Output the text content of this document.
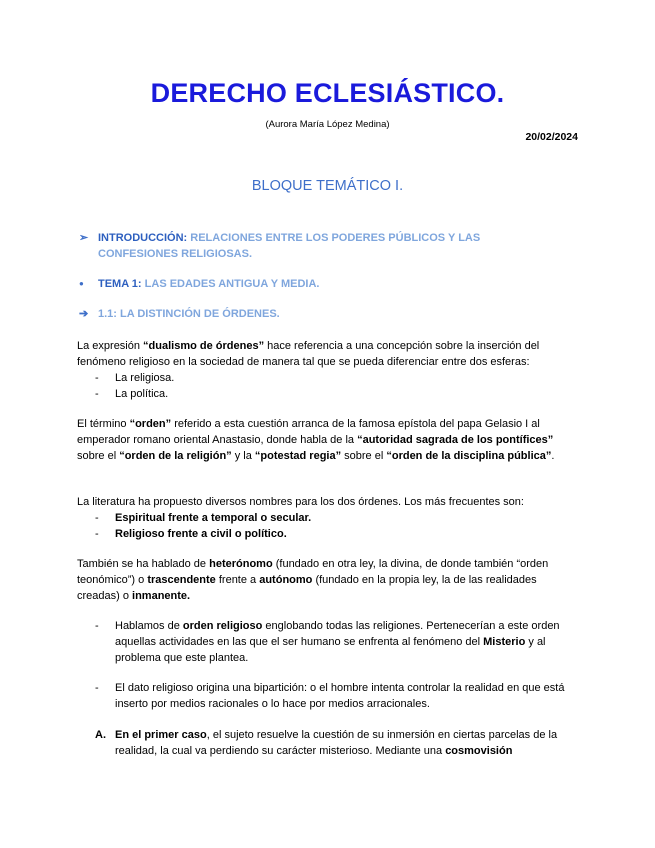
DERECHO ECLESIÁSTICO.
(Aurora María López Medina)
20/02/2024
BLOQUE TEMÁTICO I.
➢ INTRODUCCIÓN: RELACIONES ENTRE LOS PODERES PÚBLICOS Y LAS CONFESIONES RELIGIOSAS.
● TEMA 1: LAS EDADES ANTIGUA Y MEDIA.
➔ 1.1: LA DISTINCIÓN DE ÓRDENES.

La expresión “dualismo de órdenes” hace referencia a una concepción sobre la inserción del fenómeno religioso en la sociedad de manera tal que se pueda diferenciar entre dos esferas:

- La religiosa.
- La política.

El término “orden” referido a esta cuestión arranca de la famosa epístola del papa Gelasio I al emperador romano oriental Anastasio, donde habla de la “autoridad sagrada de los pontífices” sobre el “orden de la religión” y la “potestad regia” sobre el “orden de la disciplina pública”.

La literatura ha propuesto diversos nombres para los dos órdenes. Los más frecuentes son:

- Espiritual frente a temporal o secular.
- Religioso frente a civil o político.

También se ha hablado de heterónomo (fundado en otra ley, la divina, de donde también “orden teonómico”) o trascendente frente a autónomo (fundado en la propia ley, la de las realidades creadas) o inmanente.

-	Hablamos de orden religioso englobando todas las religiones. Pertenecerían a este orden aquellas actividades en las que el ser humano se enfrenta al fenómeno del Misterio y al problema que este plantea.
-	El dato religioso origina una bipartición: o el hombre intenta controlar la realidad en que está inserto por medios racionales o lo hace por medios arracionales.
A. En el primer caso, el sujeto resuelve la cuestión de su inmersión en ciertas parcelas de la realidad, la cual va perdiendo su carácter misterioso. Mediante una cosmovisión
